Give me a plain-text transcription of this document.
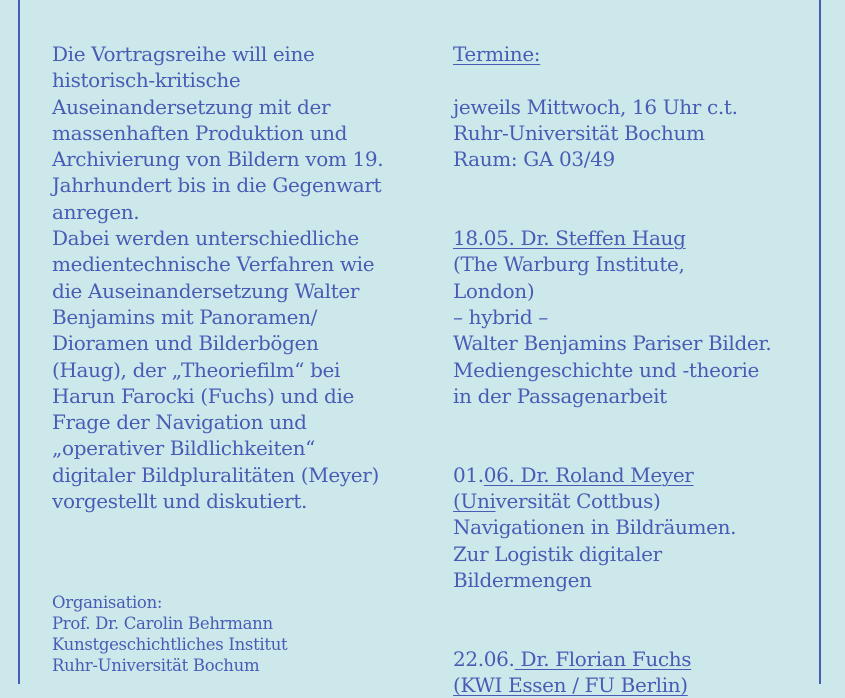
Die Vortragsreihe will eine
historisch-kritische
Auseinandersetzung mit der
massenhaften Produktion und
Archivierung von Bildern vom 19.
Jahrhundert bis in die Gegenwart
anregen.
Dabei werden unterschiedliche
medientechnische Verfahren wie
die Auseinandersetzung Walter
Benjamins mit Panoramen/
Dioramen und Bilderbögen
(Haug), der „Theoriefilm“ bei
Harun Farocki (Fuchs) und die
Frage der Navigation und
„operativer Bildlichkeiten“
digitaler Bildpluralitäten (Meyer)
vorgestellt und diskutiert.
Organisation:
Prof. Dr. Carolin Behrmann
Kunstgeschichtliches Institut
Ruhr-Universität Bochum
Termine:
jeweils Mittwoch, 16 Uhr c.t.
Ruhr-Universität Bochum
Raum: GA 03/49
18.05. Dr. Steffen Haug
(The Warburg Institute,
London)
– hybrid –
Walter Benjamins Pariser Bilder.
Mediengeschichte und -theorie
in der Passagenarbeit
01.06. Dr. Roland Meyer
(Universität Cottbus)
Navigationen in Bildräumen.
Zur Logistik digitaler
Bildermengen
22.06. Dr. Florian Fuchs
(KWI Essen / FU Berlin)
